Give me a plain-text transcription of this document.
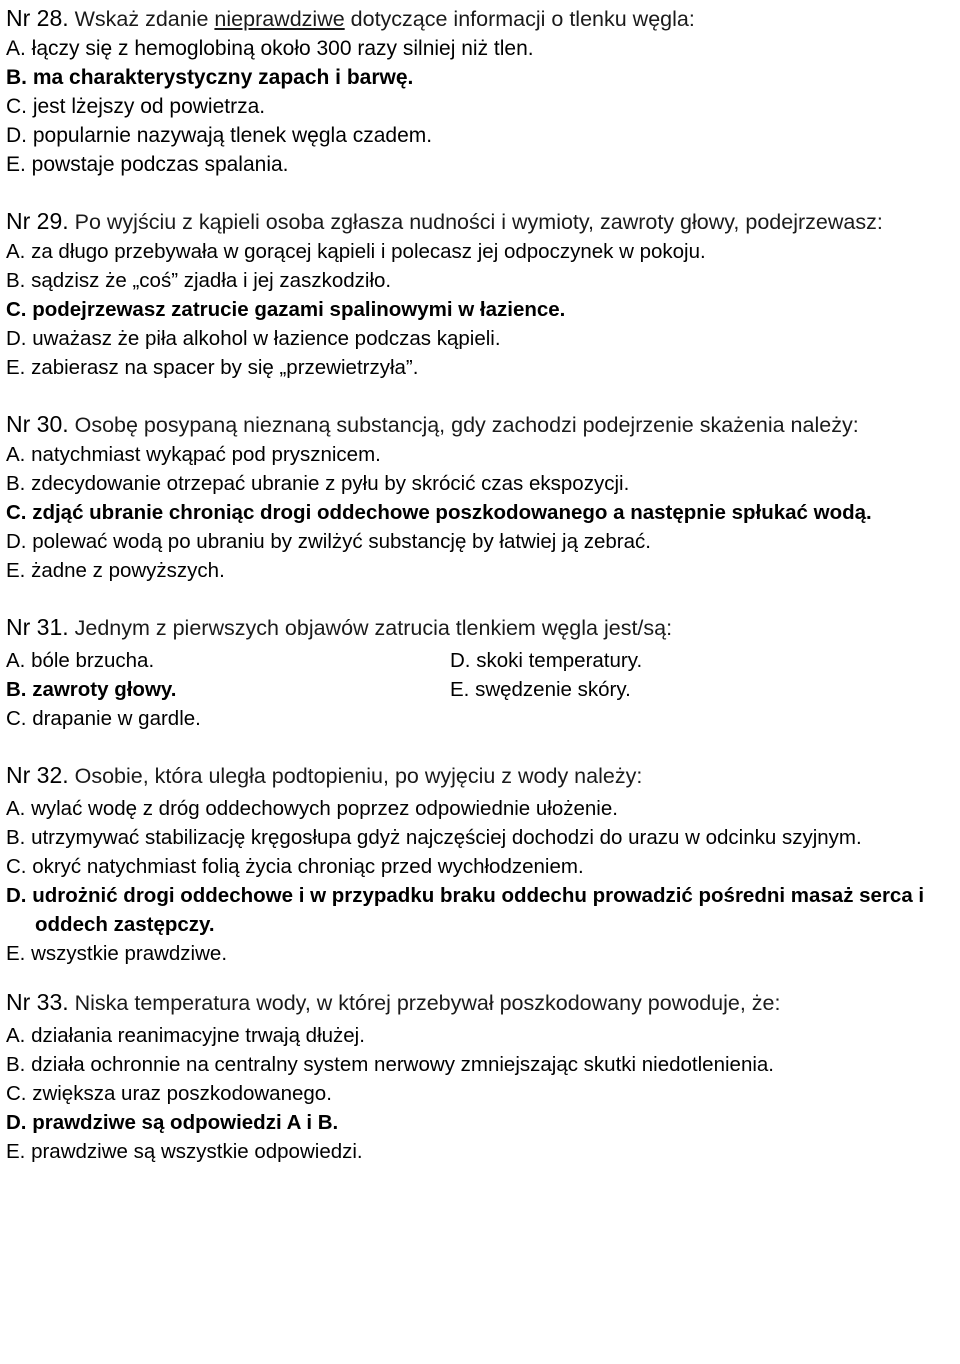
Nr 28. Wskaż zdanie nieprawdziwe dotyczące informacji o tlenku węgla:

A. łączy się z hemoglobiną około 300 razy silniej niż tlen.

B. ma charakterystyczny zapach i barwę.

C. jest lżejszy od powietrza.

D. popularnie nazywają tlenek węgla czadem.

E. powstaje podczas spalania.

Nr 29. Po wyjściu z kąpieli osoba zgłasza nudności i wymioty, zawroty głowy, podejrzewasz:

A. za długo przebywała w gorącej kąpieli i polecasz jej odpoczynek w pokoju.

B. sądzisz że „coś” zjadła i jej zaszkodziło.

C. podejrzewasz zatrucie gazami spalinowymi w łazience.

D. uważasz że piła alkohol w łazience podczas kąpieli.

E. zabierasz na spacer by się „przewietrzyła”.

Nr 30. Osobę posypaną nieznaną substancją, gdy zachodzi podejrzenie skażenia należy:

A. natychmiast wykąpać pod prysznicem.

B. zdecydowanie otrzepać ubranie z pyłu by skrócić czas ekspozycji.

C. zdjąć ubranie chroniąc drogi oddechowe poszkodowanego a następnie spłukać wodą.

D. polewać wodą po ubraniu by zwilżyć substancję by łatwiej ją zebrać.

E. żadne z powyższych.

Nr 31. Jednym z pierwszych objawów zatrucia tlenkiem węgla jest/są:

A. bóle brzucha.	D. skoki temperatury.

B. zawroty głowy.	E. swędzenie skóry.

C. drapanie w gardle.

Nr 32. Osobie, która uległa podtopieniu, po wyjęciu z wody należy:

A. wylać wodę z dróg oddechowych poprzez odpowiednie ułożenie.

B. utrzymywać stabilizację kręgosłupa gdyż najczęściej dochodzi do urazu w odcinku szyjnym.

C. okryć natychmiast folią życia chroniąc przed wychłodzeniem.

D. udrożnić drogi oddechowe i w przypadku braku oddechu prowadzić pośredni masaż serca i oddech zastępczy.

E. wszystkie prawdziwe.

Nr 33. Niska temperatura wody, w której przebywał poszkodowany powoduje, że:

A. działania reanimacyjne trwają dłużej.

B. działa ochronnie na centralny system nerwowy zmniejszając skutki niedotlenienia.

C. zwiększa uraz poszkodowanego.

D. prawdziwe są odpowiedzi A i B.

E. prawdziwe są wszystkie odpowiedzi.
